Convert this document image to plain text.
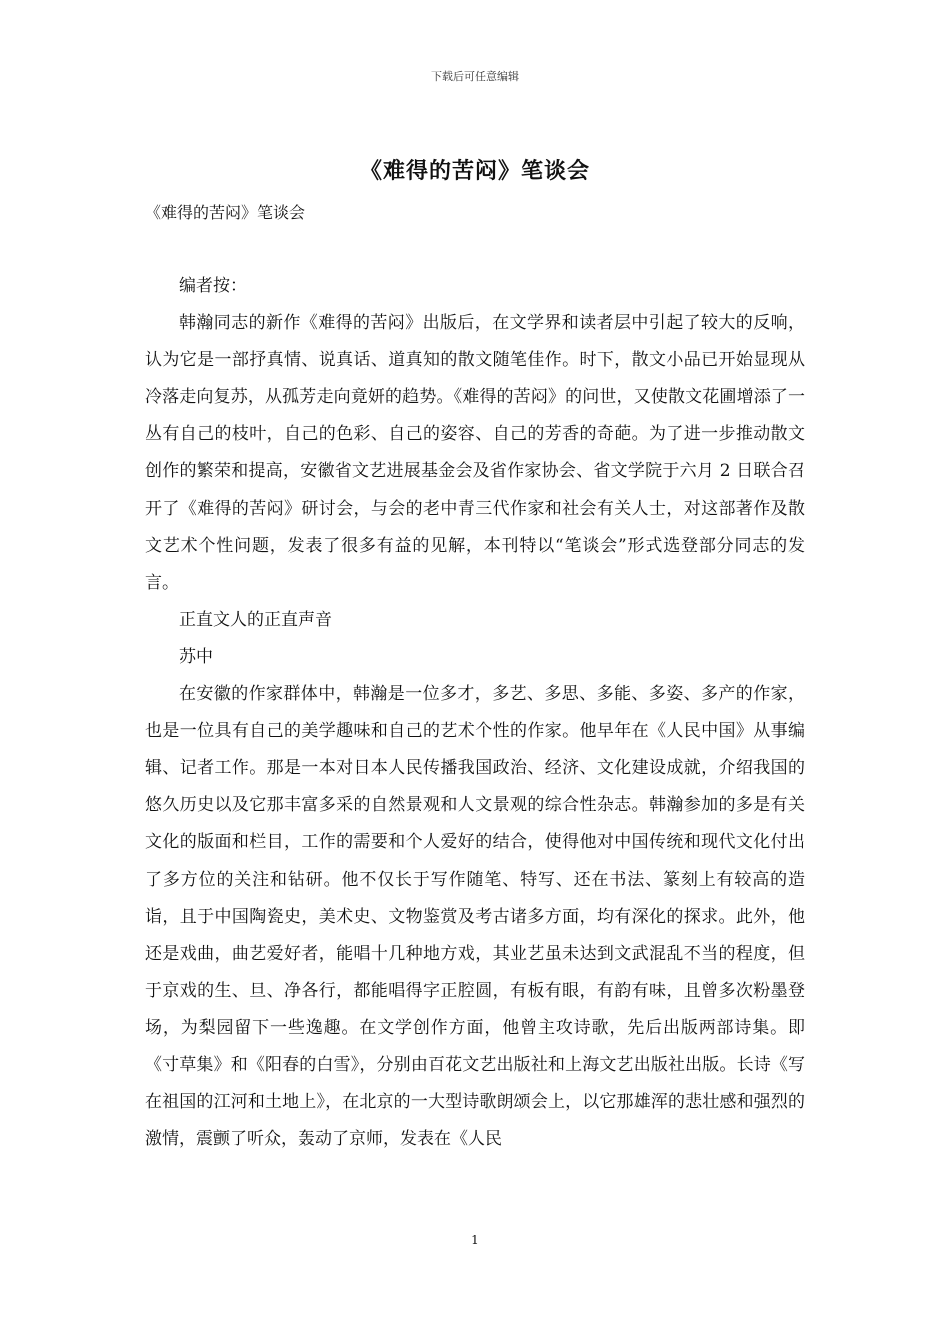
下载后可任意编辑
《难得的苦闷》笔谈会
《难得的苦闷》笔谈会

编者按：

韩瀚同志的新作《难得的苦闷》出版后，在文学界和读者层中引起了较大的反响，认为它是一部抒真情、说真话、道真知的散文随笔佳作。时下，散文小品已开始显现从冷落走向复苏，从孤芳走向竟妍的趋势。《难得的苦闷》的问世，又使散文花圃增添了一丛有自己的枝叶，自己的色彩、自己的姿容、自己的芳香的奇葩。为了进一步推动散文创作的繁荣和提高，安徽省文艺进展基金会及省作家协会、省文学院于六月 2 日联合召开了《难得的苦闷》研讨会，与会的老中青三代作家和社会有关人士，对这部著作及散文艺术个性问题，发表了很多有益的见解，本刊特以“笔谈会”形式选登部分同志的发言。

正直文人的正直声音

苏中

在安徽的作家群体中，韩瀚是一位多才，多艺、多思、多能、多姿、多产的作家，也是一位具有自己的美学趣味和自己的艺术个性的作家。他早年在《人民中国》从事编辑、记者工作。那是一本对日本人民传播我国政治、经济、文化建设成就，介绍我国的悠久历史以及它那丰富多采的自然景观和人文景观的综合性杂志。韩瀚参加的多是有关文化的版面和栏目，工作的需要和个人爱好的结合，使得他对中国传统和现代文化付出了多方位的关注和钻研。他不仅长于写作随笔、特写、还在书法、篆刻上有较高的造诣，且于中国陶瓷史，美术史、文物鉴赏及考古诸多方面，均有深化的探求。此外，他还是戏曲，曲艺爱好者，能唱十几种地方戏，其业艺虽未达到文武混乱不当的程度，但于京戏的生、旦、净各行，都能唱得字正腔圆，有板有眼，有韵有味，且曾多次粉墨登场，为梨园留下一些逸趣。在文学创作方面，他曾主攻诗歌，先后出版两部诗集。即《寸草集》和《阳春的白雪》，分别由百花文艺出版社和上海文艺出版社出版。长诗《写在祖国的江河和土地上》，在北京的一大型诗歌朗颂会上，以它那雄浑的悲壮感和强烈的激情，震颤了听众，轰动了京师，发表在《人民

1
